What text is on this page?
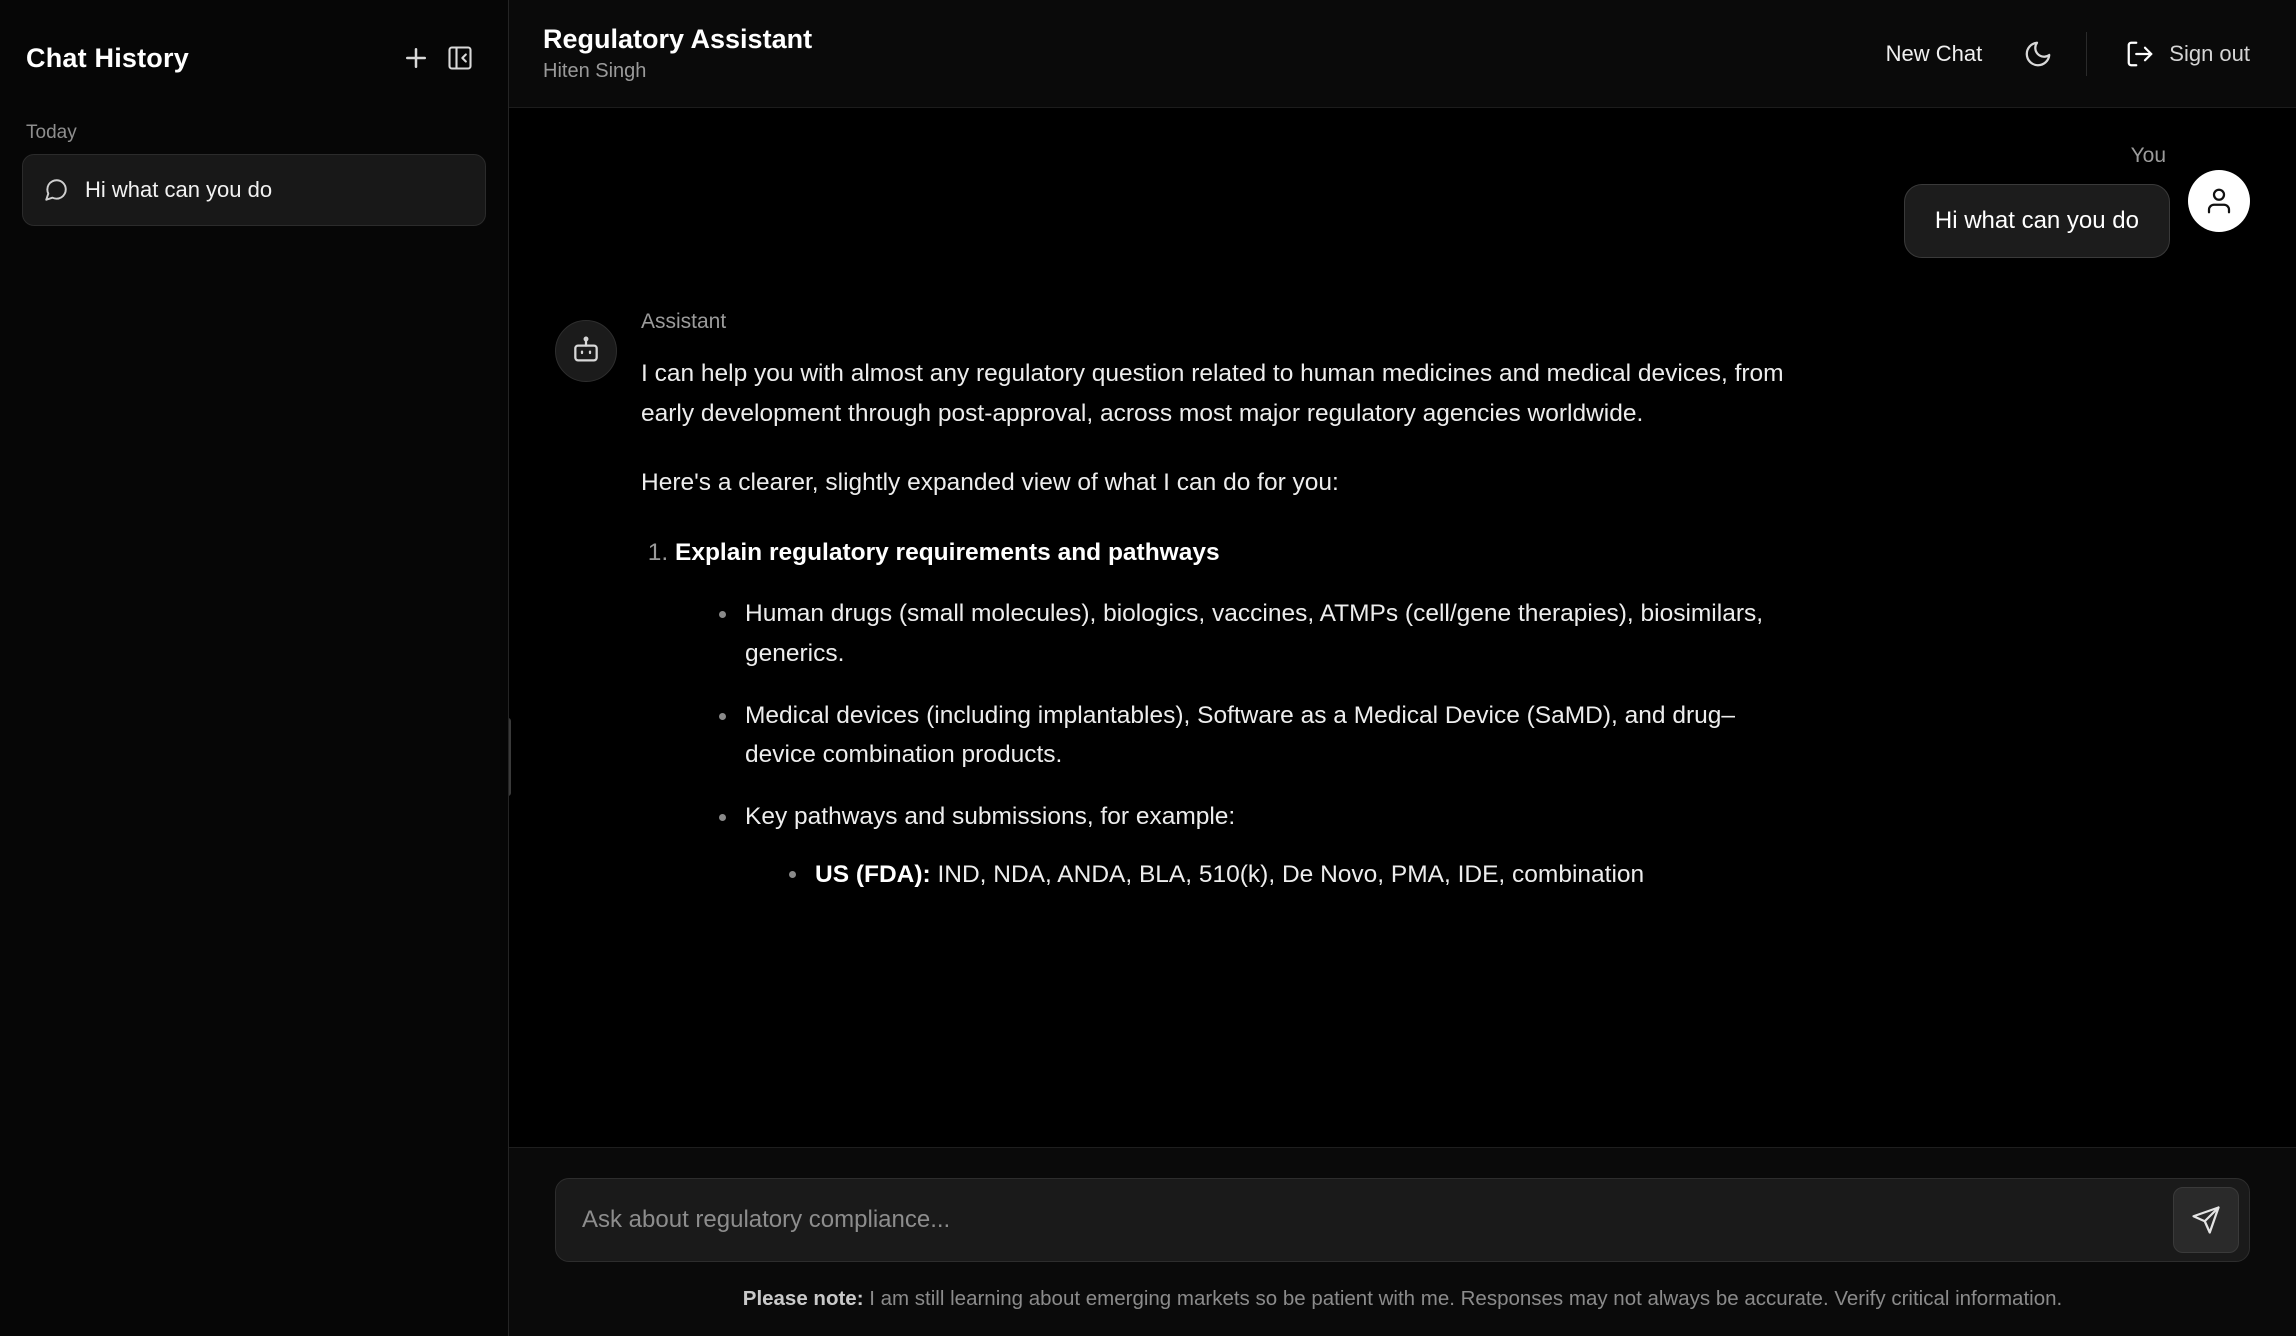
Chat History
Today
Hi what can you do
Regulatory Assistant
Hiten Singh
New Chat	Sign out
You
Hi what can you do
Assistant

I can help you with almost any regulatory question related to human medicines and medical devices, from early development through post-approval, across most major regulatory agencies worldwide.

Here's a clearer, slightly expanded view of what I can do for you:

1. Explain regulatory requirements and pathways
Human drugs (small molecules), biologics, vaccines, ATMPs (cell/gene therapies), biosimilars, generics.
Medical devices (including implantables), Software as a Medical Device (SaMD), and drug–device combination products.
Key pathways and submissions, for example:
US (FDA): IND, NDA, ANDA, BLA, 510(k), De Novo, PMA, IDE, combination
Ask about regulatory compliance...
Please note: I am still learning about emerging markets so be patient with me. Responses may not always be accurate. Verify critical information.
